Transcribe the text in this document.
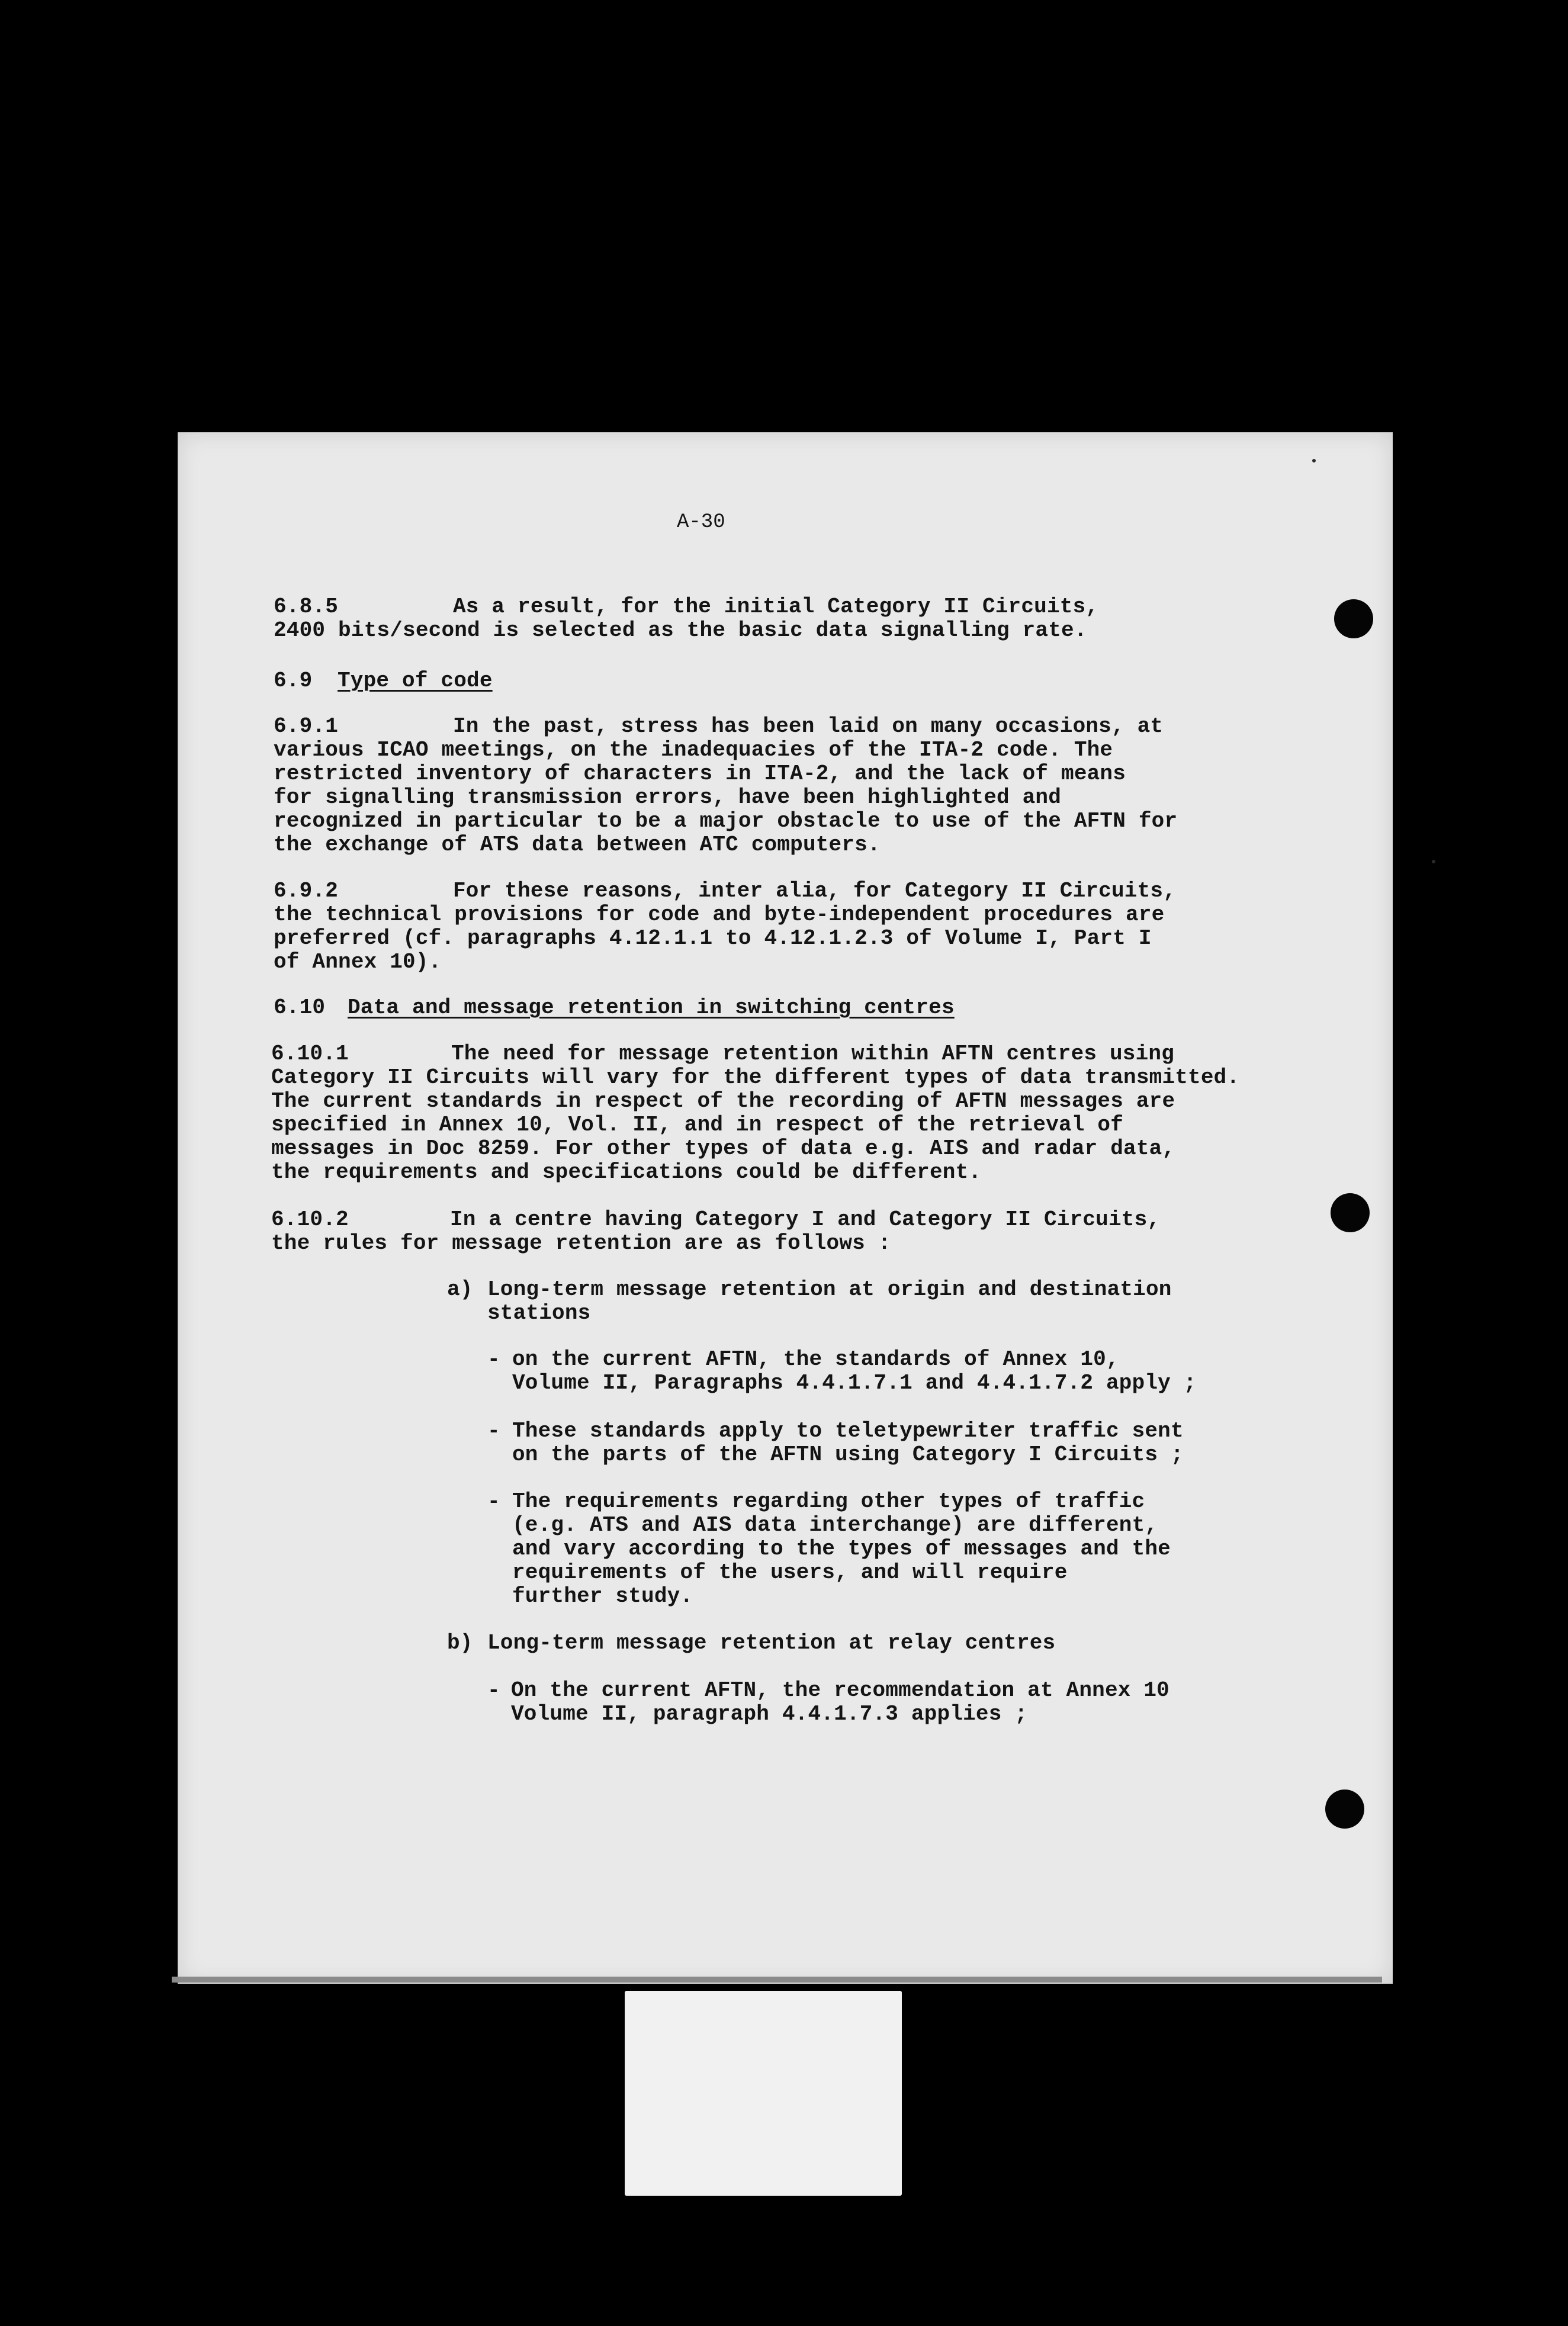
A-30
6.8.5	As a result, for the initial Category II Circuits,
2400 bits/second is selected as the basic data signalling rate.
6.9 Type of code
6.9.1	In the past, stress has been laid on many occasions, at
various ICAO meetings, on the inadequacies of the ITA-2 code. The
restricted inventory of characters in ITA-2, and the lack of means
for signalling transmission errors, have been highlighted and
recognized in particular to be a major obstacle to use of the AFTN for
the exchange of ATS data between ATC computers.
6.9.2	For these reasons, inter alia, for Category II Circuits,
the technical provisions for code and byte-independent procedures are
preferred (cf. paragraphs 4.12.1.1 to 4.12.1.2.3 of Volume I, Part I
of Annex 10).
6.10 Data and message retention in switching centres
6.10.1	The need for message retention within AFTN centres using
Category II Circuits will vary for the different types of data transmitted.
The current standards in respect of the recording of AFTN messages are
specified in Annex 10, Vol. II, and in respect of the retrieval of
messages in Doc 8259. For other types of data e.g. AIS and radar data,
the requirements and specifications could be different.
6.10.2	In a centre having Category I and Category II Circuits,
the rules for message retention are as follows :
a) Long-term message retention at origin and destination
stations
- on the current AFTN, the standards of Annex 10,
Volume II, Paragraphs 4.4.1.7.1 and 4.4.1.7.2 apply ;
- These standards apply to teletypewriter traffic sent
on the parts of the AFTN using Category I Circuits ;
- The requirements regarding other types of traffic
(e.g. ATS and AIS data interchange) are different,
and vary according to the types of messages and the
requirements of the users, and will require
further study.
b) Long-term message retention at relay centres
- On the current AFTN, the recommendation at Annex 10
Volume II, paragraph 4.4.1.7.3 applies ;
